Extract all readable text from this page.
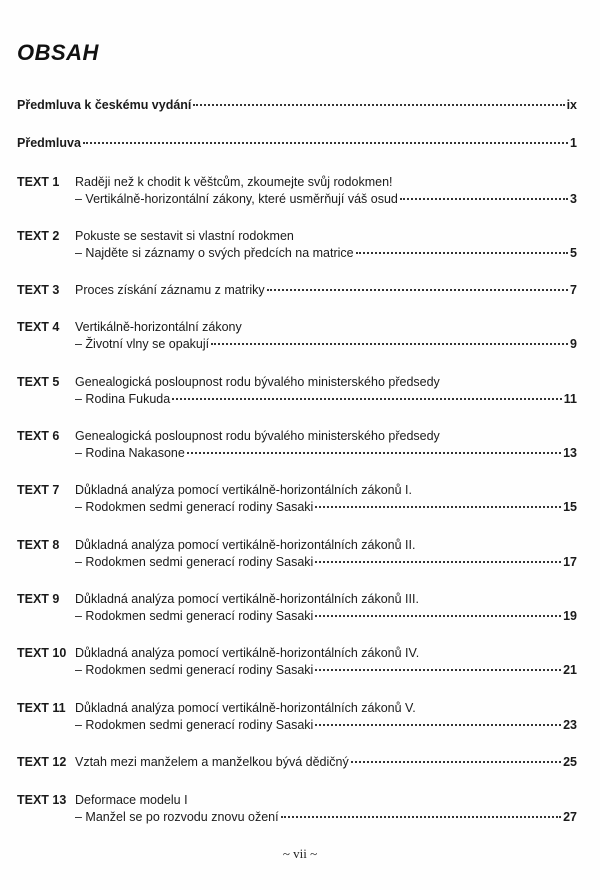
OBSAH
Předmluva k českému vydání	ix
Předmluva	1
TEXT 1	Raději než k chodit k věštcům, zkoumejte svůj rodokmen!
– Vertikálně-horizontální zákony, které usměrňují váš osud	3
TEXT 2	Pokuste se sestavit si vlastní rodokmen
– Najděte si záznamy o svých předcích na matrice	5
TEXT 3	Proces získání záznamu z matriky	7
TEXT 4	Vertikálně-horizontální zákony
– Životní vlny se opakují	9
TEXT 5	Genealogická posloupnost rodu bývalého ministerského předsedy
– Rodina Fukuda	11
TEXT 6	Genealogická posloupnost rodu bývalého ministerského předsedy
– Rodina Nakasone	13
TEXT 7	Důkladná analýza pomocí vertikálně-horizontálních zákonů I.
– Rodokmen sedmi generací rodiny Sasaki	15
TEXT 8	Důkladná analýza pomocí vertikálně-horizontálních zákonů II.
– Rodokmen sedmi generací rodiny Sasaki	17
TEXT 9	Důkladná analýza pomocí vertikálně-horizontálních zákonů III.
– Rodokmen sedmi generací rodiny Sasaki	19
TEXT 10 Důkladná analýza pomocí vertikálně-horizontálních zákonů IV.
– Rodokmen sedmi generací rodiny Sasaki	21
TEXT 11 Důkladná analýza pomocí vertikálně-horizontálních zákonů V.
– Rodokmen sedmi generací rodiny Sasaki	23
TEXT 12 Vztah mezi manželem a manželkou bývá dědičný	25
TEXT 13 Deformace modelu I
– Manžel se po rozvodu znovu ožení	27
~ vii ~
